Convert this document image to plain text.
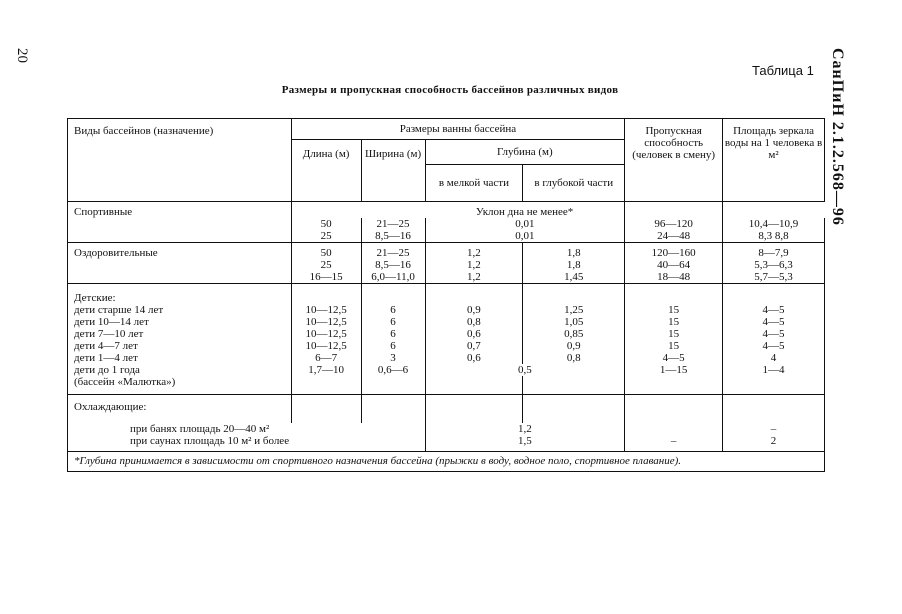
20	СанПиН 2.1.2.568—96
Таблица 1
Размеры и пропускная способность бассейнов различных видов
Виды бассейнов (назначение)	Размеры ванны бассейна				Пропускная способность (человек в смену)	Площадь зеркала воды на 1 человека в м²
	Длина (м)	Ширина (м)	Глубина (м)			
			в мелкой части	в глубокой части		
Спортивные			Уклон дна не менее*			
	50	21—25	0,01		96—120	10,4—10,9
	25	8,5—16	0,01		24—48	8,3 8,8
Оздоровительные	50	21—25	1,2	1,8	120—160	8—7,9
	25	8,5—16	1,2	1,8	40—64	5,3—6,3
	16—15	6,0—11,0	1,2	1,45	18—48	5,7—5,3
Детские:						
дети старше 14 лет	10—12,5	6	0,9	1,25	15	4—5
дети 10—14 лет	10—12,5	6	0,8	1,05	15	4—5
дети 7—10 лет	10—12,5	6	0,6	0,85	15	4—5
дети 4—7 лет	10—12,5	6	0,7	0,9	15	4—5
дети 1—4 лет	6—7	3	0,6	0,8	4—5	4
дети до 1 года	1,7—10	0,6—6	0,5		1—15	1—4
(бассейн «Малютка»)						
Охлаждающие:						
при банях площадь 20—40 м²			1,2			–
при саунах площадь 10 м² и более			1,5		–	2
*Глубина принимается в зависимости от спортивного назначения бассейна (прыжки в воду, водное поло, спортивное плавание).						
